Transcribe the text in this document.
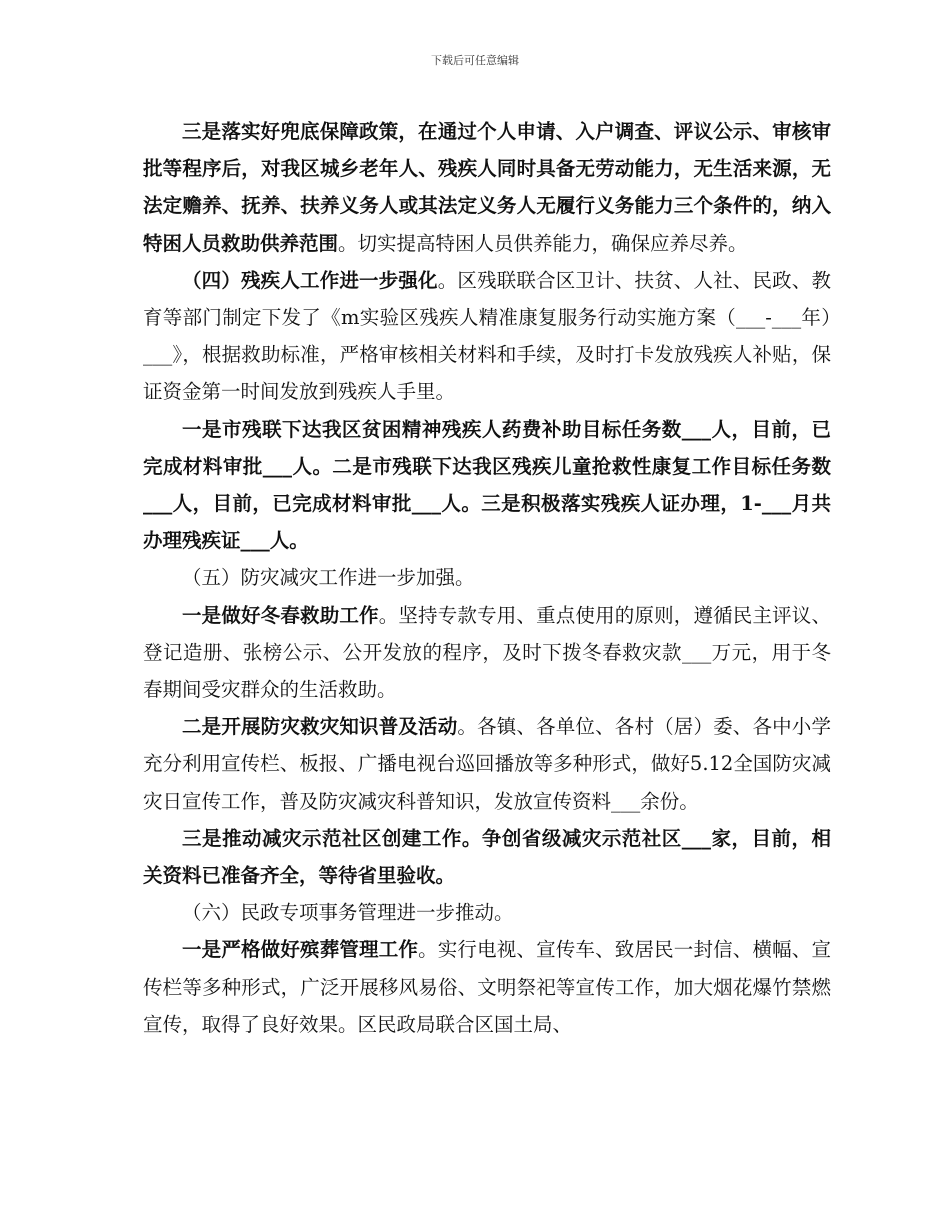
下载后可任意编辑

三是落实好兜底保障政策，在通过个人申请、入户调查、评议公示、审核审批等程序后，对我区城乡老年人、残疾人同时具备无劳动能力，无生活来源，无法定赡养、抚养、扶养义务人或其法定义务人无履行义务能力三个条件的，纳入特困人员救助供养范围。切实提高特困人员供养能力，确保应养尽养。

（四）残疾人工作进一步强化。区残联联合区卫计、扶贫、人社、民政、教育等部门制定下发了《m实验区残疾人精准康复服务行动实施方案（___-___年）___》，根据救助标准，严格审核相关材料和手续，及时打卡发放残疾人补贴，保证资金第一时间发放到残疾人手里。

一是市残联下达我区贫困精神残疾人药费补助目标任务数___人，目前，已完成材料审批___人。二是市残联下达我区残疾儿童抢救性康复工作目标任务数___人，目前，已完成材料审批___人。三是积极落实残疾人证办理，1-___月共办理残疾证___人。

（五）防灾减灾工作进一步加强。

一是做好冬春救助工作。坚持专款专用、重点使用的原则，遵循民主评议、登记造册、张榜公示、公开发放的程序，及时下拨冬春救灾款___万元，用于冬春期间受灾群众的生活救助。

二是开展防灾救灾知识普及活动。各镇、各单位、各村（居）委、各中小学充分利用宣传栏、板报、广播电视台巡回播放等多种形式，做好5.12全国防灾减灾日宣传工作，普及防灾减灾科普知识，发放宣传资料___余份。

三是推动减灾示范社区创建工作。争创省级减灾示范社区___家，目前，相关资料已准备齐全，等待省里验收。

（六）民政专项事务管理进一步推动。

一是严格做好殡葬管理工作。实行电视、宣传车、致居民一封信、横幅、宣传栏等多种形式，广泛开展移风易俗、文明祭祀等宣传工作，加大烟花爆竹禁燃宣传，取得了良好效果。区民政局联合区国土局、
